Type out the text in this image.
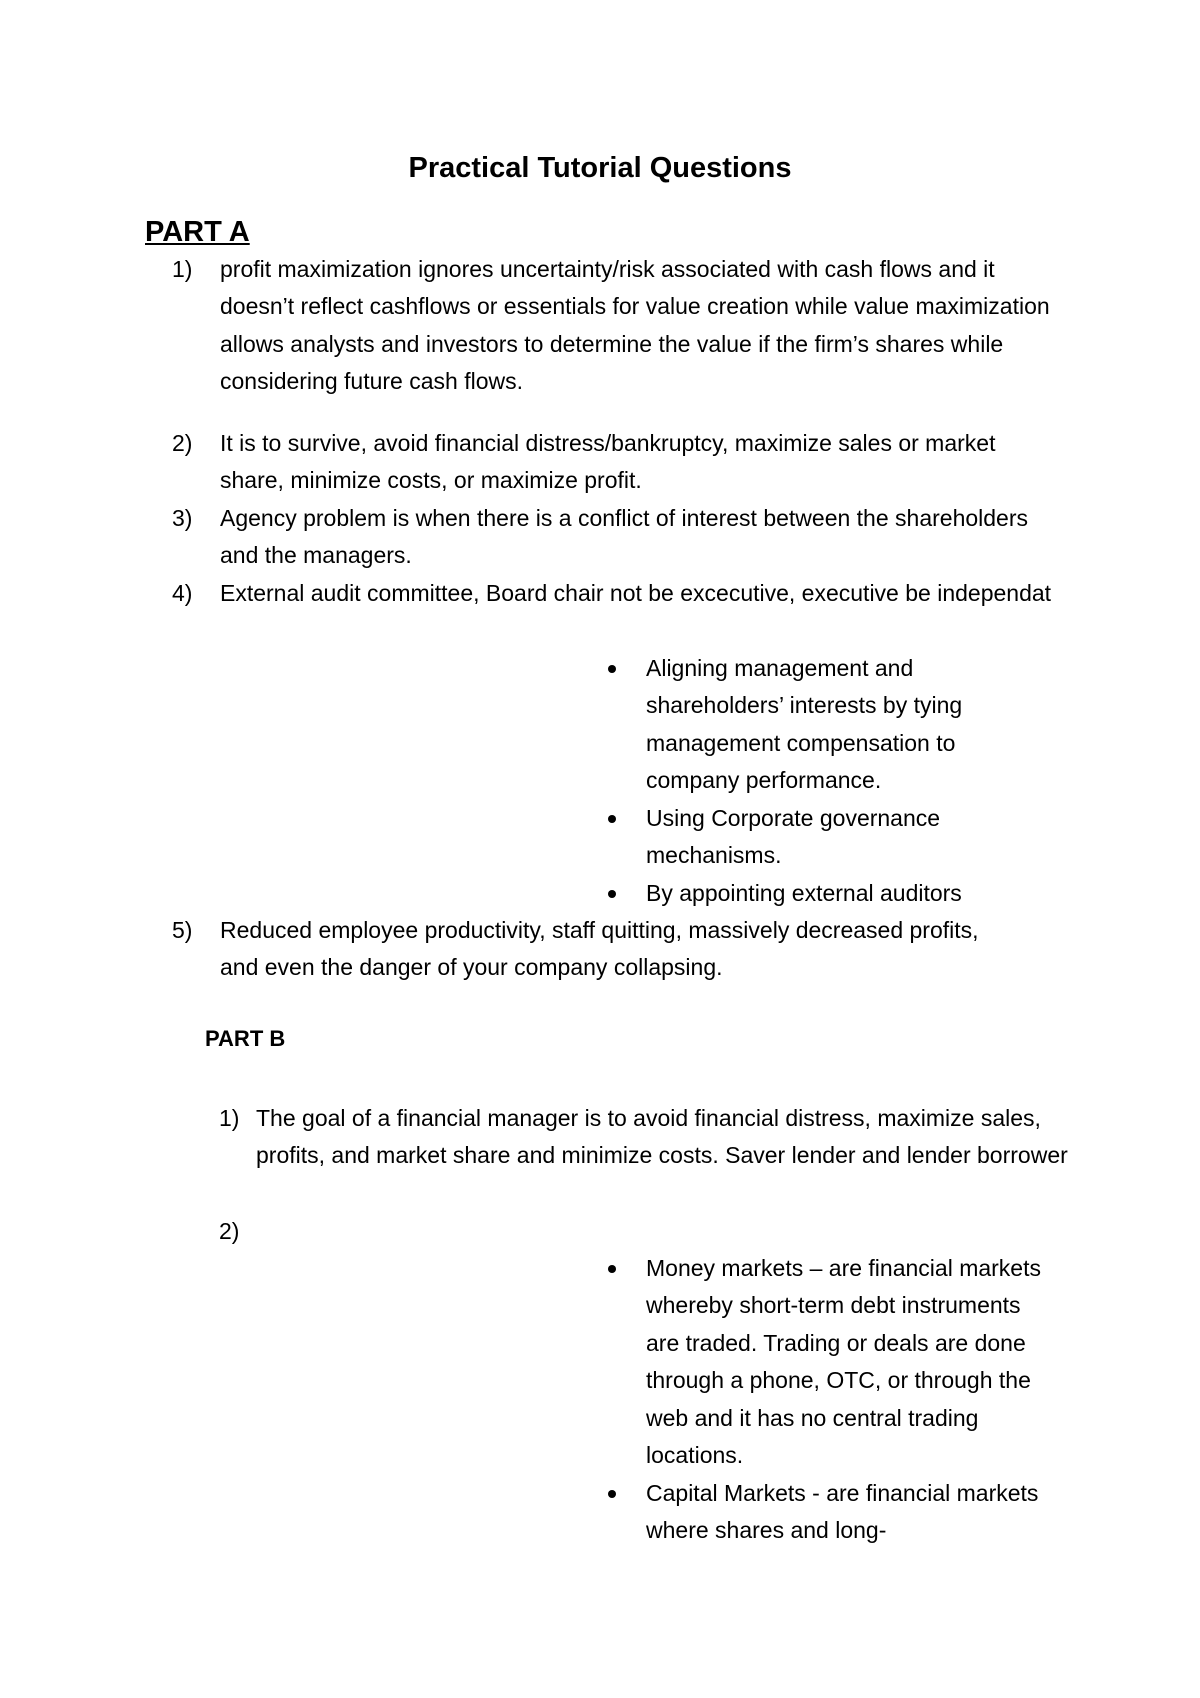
Practical Tutorial Questions
PART A
1) profit maximization ignores uncertainty/risk associated with cash flows and it doesn’t reflect cashflows or essentials for value creation while value maximization allows analysts and investors to determine the value if the firm’s shares while considering future cash flows.
2) It is to survive, avoid financial distress/bankruptcy, maximize sales or market share, minimize costs, or maximize profit.
3) Agency problem is when there is a conflict of interest between the shareholders and the managers.
4) External audit committee, Board chair not be excecutive, executive be independat
Aligning management and shareholders’ interests by tying management compensation to company performance.
Using Corporate governance mechanisms.
By appointing external auditors
5) Reduced employee productivity, staff quitting, massively decreased profits, and even the danger of your company collapsing.
PART B
1) The goal of a financial manager is to avoid financial distress, maximize sales, profits, and market share and minimize costs. Saver lender and lender borrower
2)
Money markets – are financial markets whereby short-term debt instruments are traded. Trading or deals are done through a phone, OTC, or through the web and it has no central trading locations.
Capital Markets - are financial markets where shares and long-
